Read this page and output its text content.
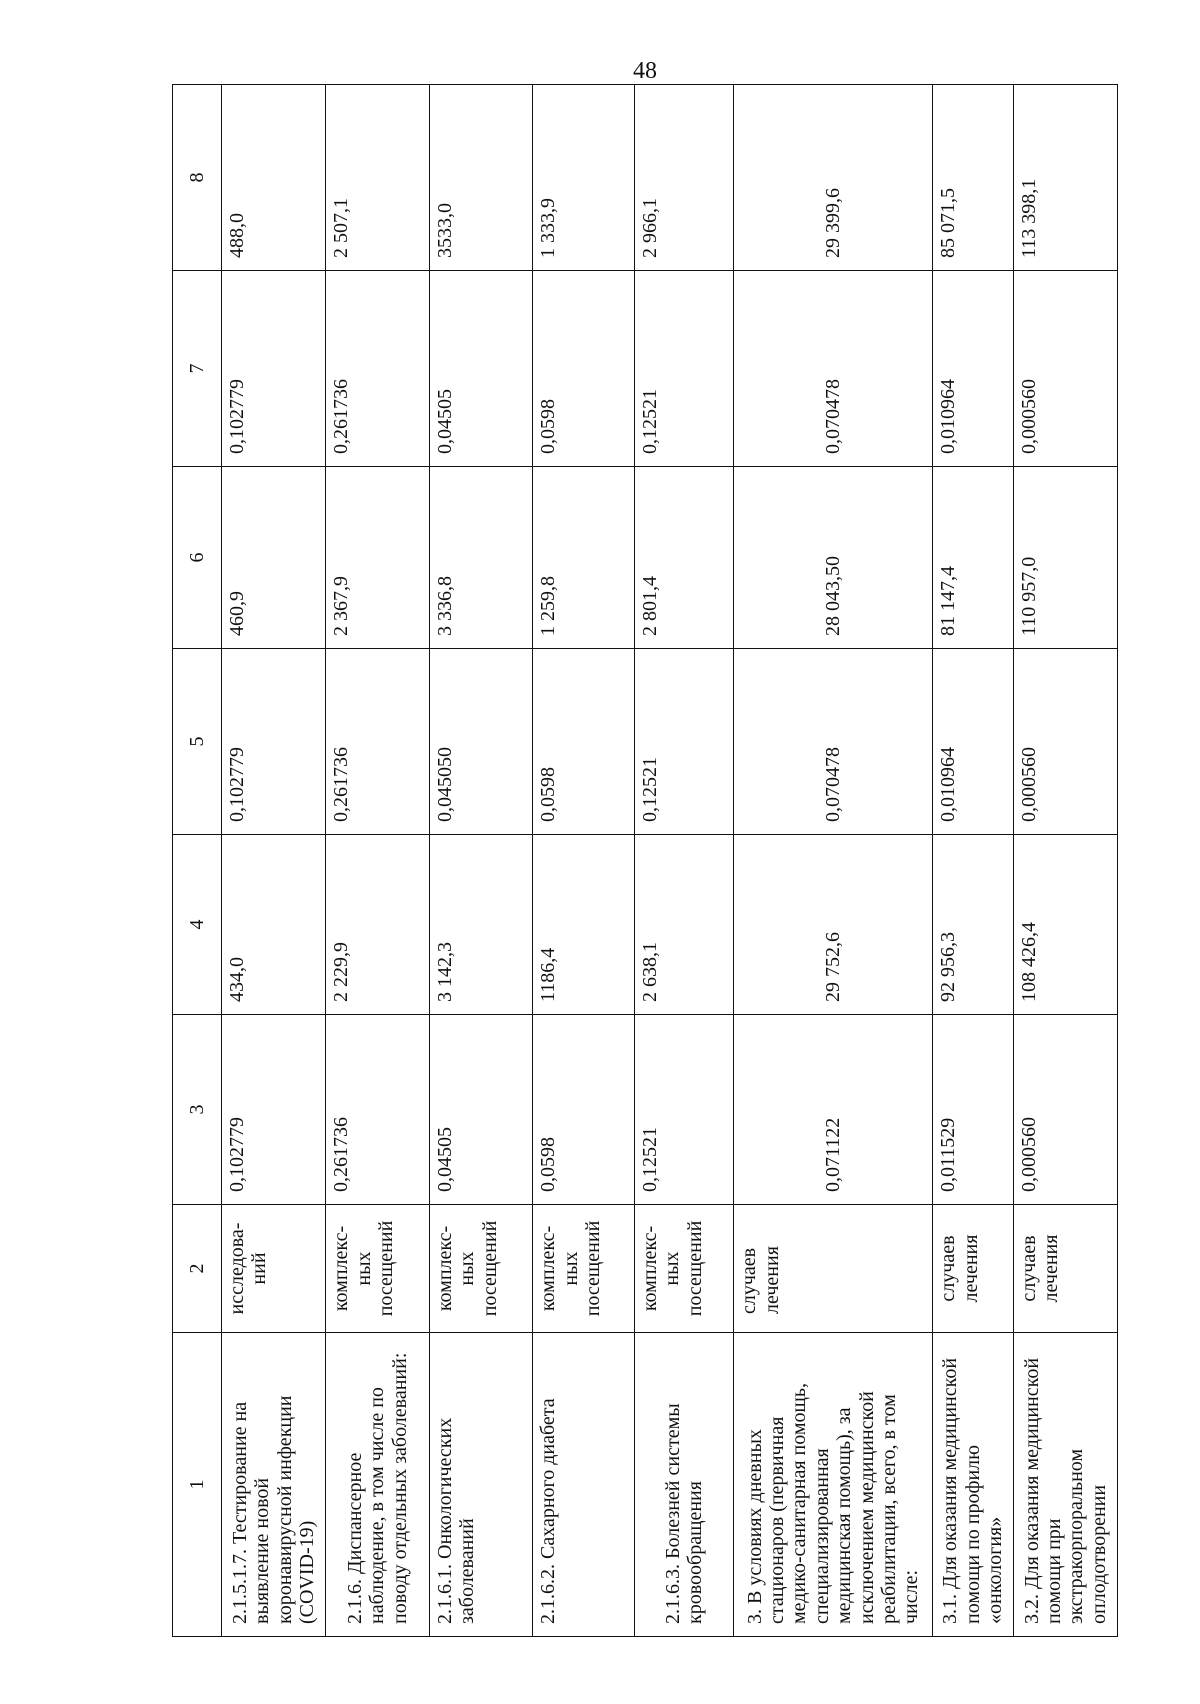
48
1	2	3	4	5	6	7	8
2.1.5.1.7. Тестирование на выявление новой коронавирусной инфекции (COVID-19)	исследова-ний	0,102779	434,0	0,102779	460,9	0,102779	488,0
2.1.6. Диспансерное наблюдение, в том числе по поводу отдельных заболеваний:	комплекс-ных посещений	0,261736	2 229,9	0,261736	2 367,9	0,261736	2 507,1
2.1.6.1. Онкологических заболеваний	комплекс-ных посещений	0,04505	3 142,3	0,045050	3 336,8	0,04505	3533,0
2.1.6.2. Сахарного диабета	комплекс-ных посещений	0,0598	1186,4	0,0598	1 259,8	0,0598	1 333,9
2.1.6.3. Болезней системы кровообращения	комплекс-ных посещений	0,12521	2 638,1	0,12521	2 801,4	0,12521	2 966,1
3. В условиях дневных стационаров (первичная медико-санитарная помощь, специализированная медицинская помощь), за исключением медицинской реабилитации, всего, в том числе:	случаев лечения	0,071122	29 752,6	0,070478	28 043,50	0,070478	29 399,6
3.1. Для оказания медицинской помощи по профилю «онкология»	случаев лечения	0,011529	92 956,3	0,010964	81 147,4	0,010964	85 071,5
3.2. Для оказания медицинской помощи при экстракорпоральном оплодотворении	случаев лечения	0,000560	108 426,4	0,000560	110 957,0	0,000560	113 398,1
